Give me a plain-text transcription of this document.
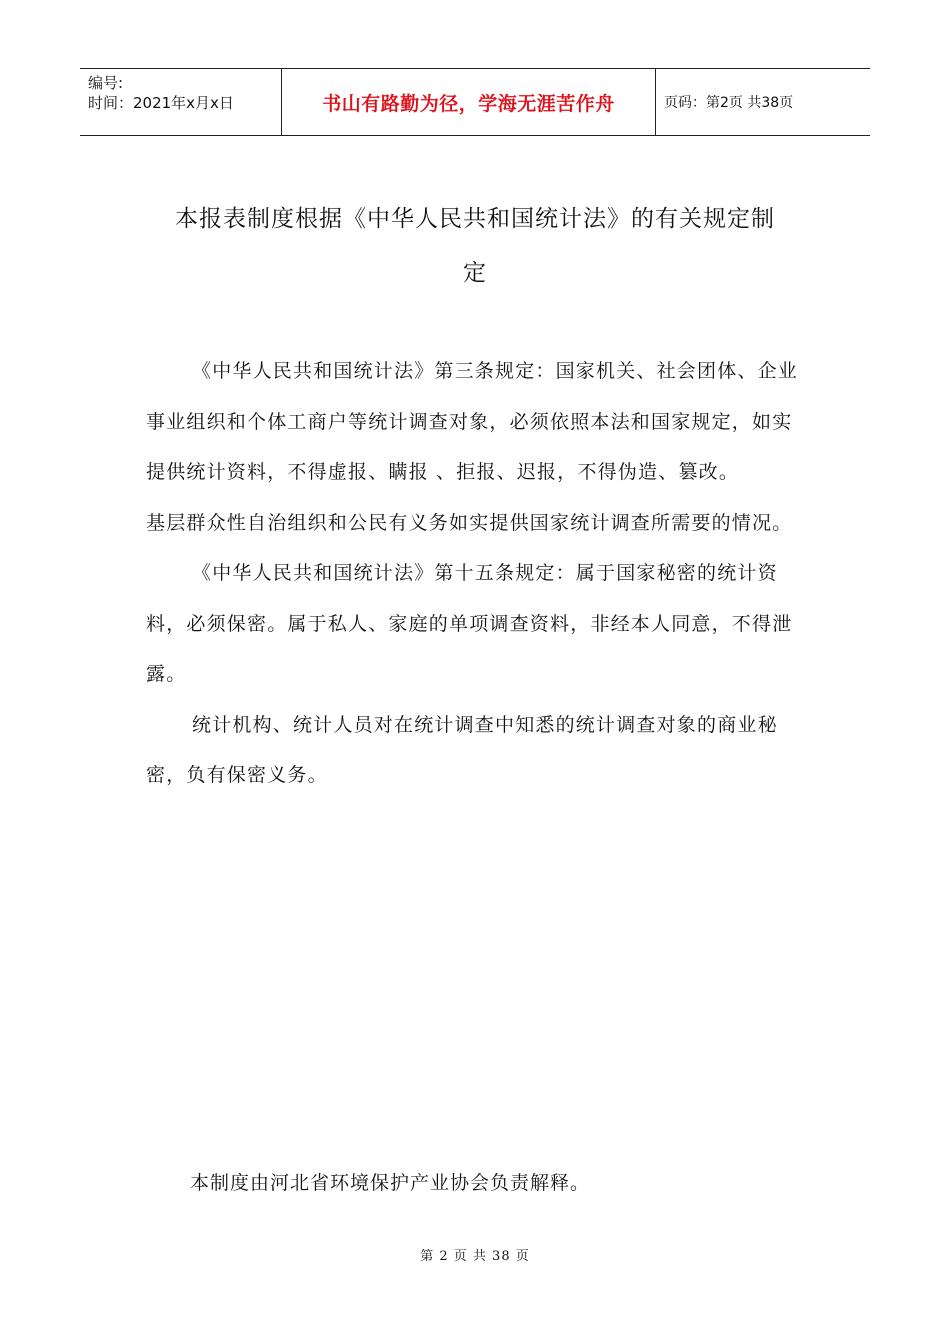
编号:
时间：2021年x月x日	书山有路勤为径，学海无涯苦作舟	页码：第2页 共38页
本报表制度根据《中华人民共和国统计法》的有关规定制
定

《中华人民共和国统计法》第三条规定：国家机关、社会团体、企业事业组织和个体工商户等统计调查对象，必须依照本法和国家规定，如实提供统计资料，不得虚报、瞒报 、拒报、迟报，不得伪造、篡改。

基层群众性自治组织和公民有义务如实提供国家统计调查所需要的情况。

《中华人民共和国统计法》第十五条规定：属于国家秘密的统计资料，必须保密。属于私人、家庭的单项调查资料，非经本人同意，不得泄露。

统计机构、统计人员对在统计调查中知悉的统计调查对象的商业秘密，负有保密义务。

本制度由河北省环境保护产业协会负责解释。
第 2 页 共 38 页
